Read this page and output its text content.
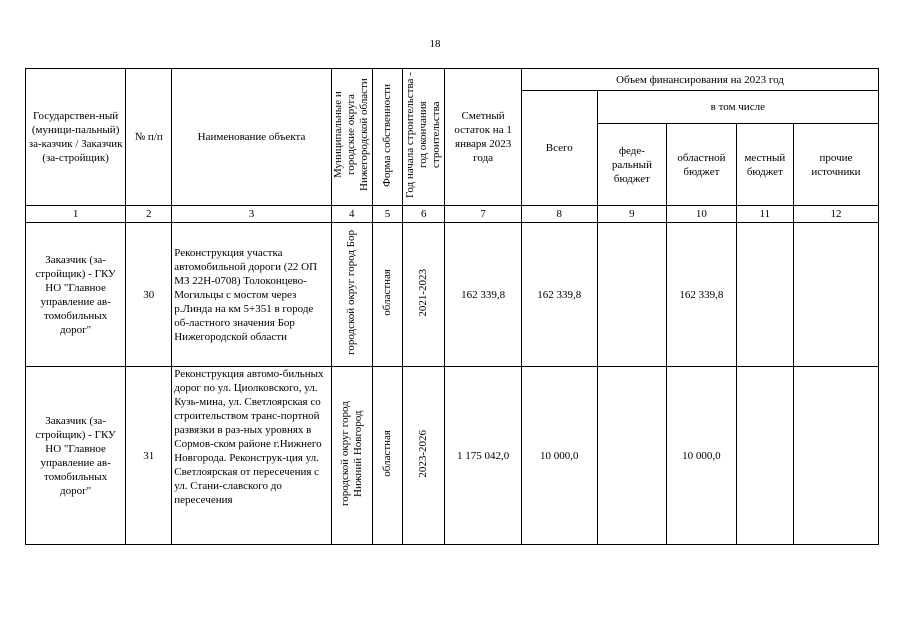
18
Государствен-ный (муници-пальный) за-казчик / Заказчик (за-стройщик)	№ п/п	Наименование объекта	Муниципальные и городские округа Нижегородской области	Форма собственности	Год начала строительства - год окончания строительства	Сметный остаток на 1 января 2023 года	Объем финансирования на 2023 год				
							Всего	в том числе			
								феде-ральный бюджет	областной бюджет	местный бюджет	прочие источники
1	2	3	4	5	6	7	8	9	10	11	12
Заказчик (за-стройщик) - ГКУ НО "Главное управление ав-томобильных дорог"	30	Реконструкция участка автомобильной дороги (22 ОП МЗ 22Н-0708) Толоконцево-Могильцы с мостом через р.Линда на км 5+351 в городе об-ластного значения Бор Нижегородской области	городской округ город Бор	областная	2021-2023	162 339,8	162 339,8		162 339,8		
Заказчик (за-стройщик) - ГКУ НО "Главное управление ав-томобильных дорог"	31	Реконструкция автомо-бильных дорог по ул. Циолковского, ул. Кузь-мина, ул. Светлоярская со строительством транс-портной развязки в раз-ных уровнях в Сормов-ском районе г.Нижнего Новгорода. Реконструк-ция ул. Светлоярская от пересечения с ул. Стани-славского до пересечения	городской округ город Нижний Новгород	областная	2023-2026	1 175 042,0	10 000,0		10 000,0		
